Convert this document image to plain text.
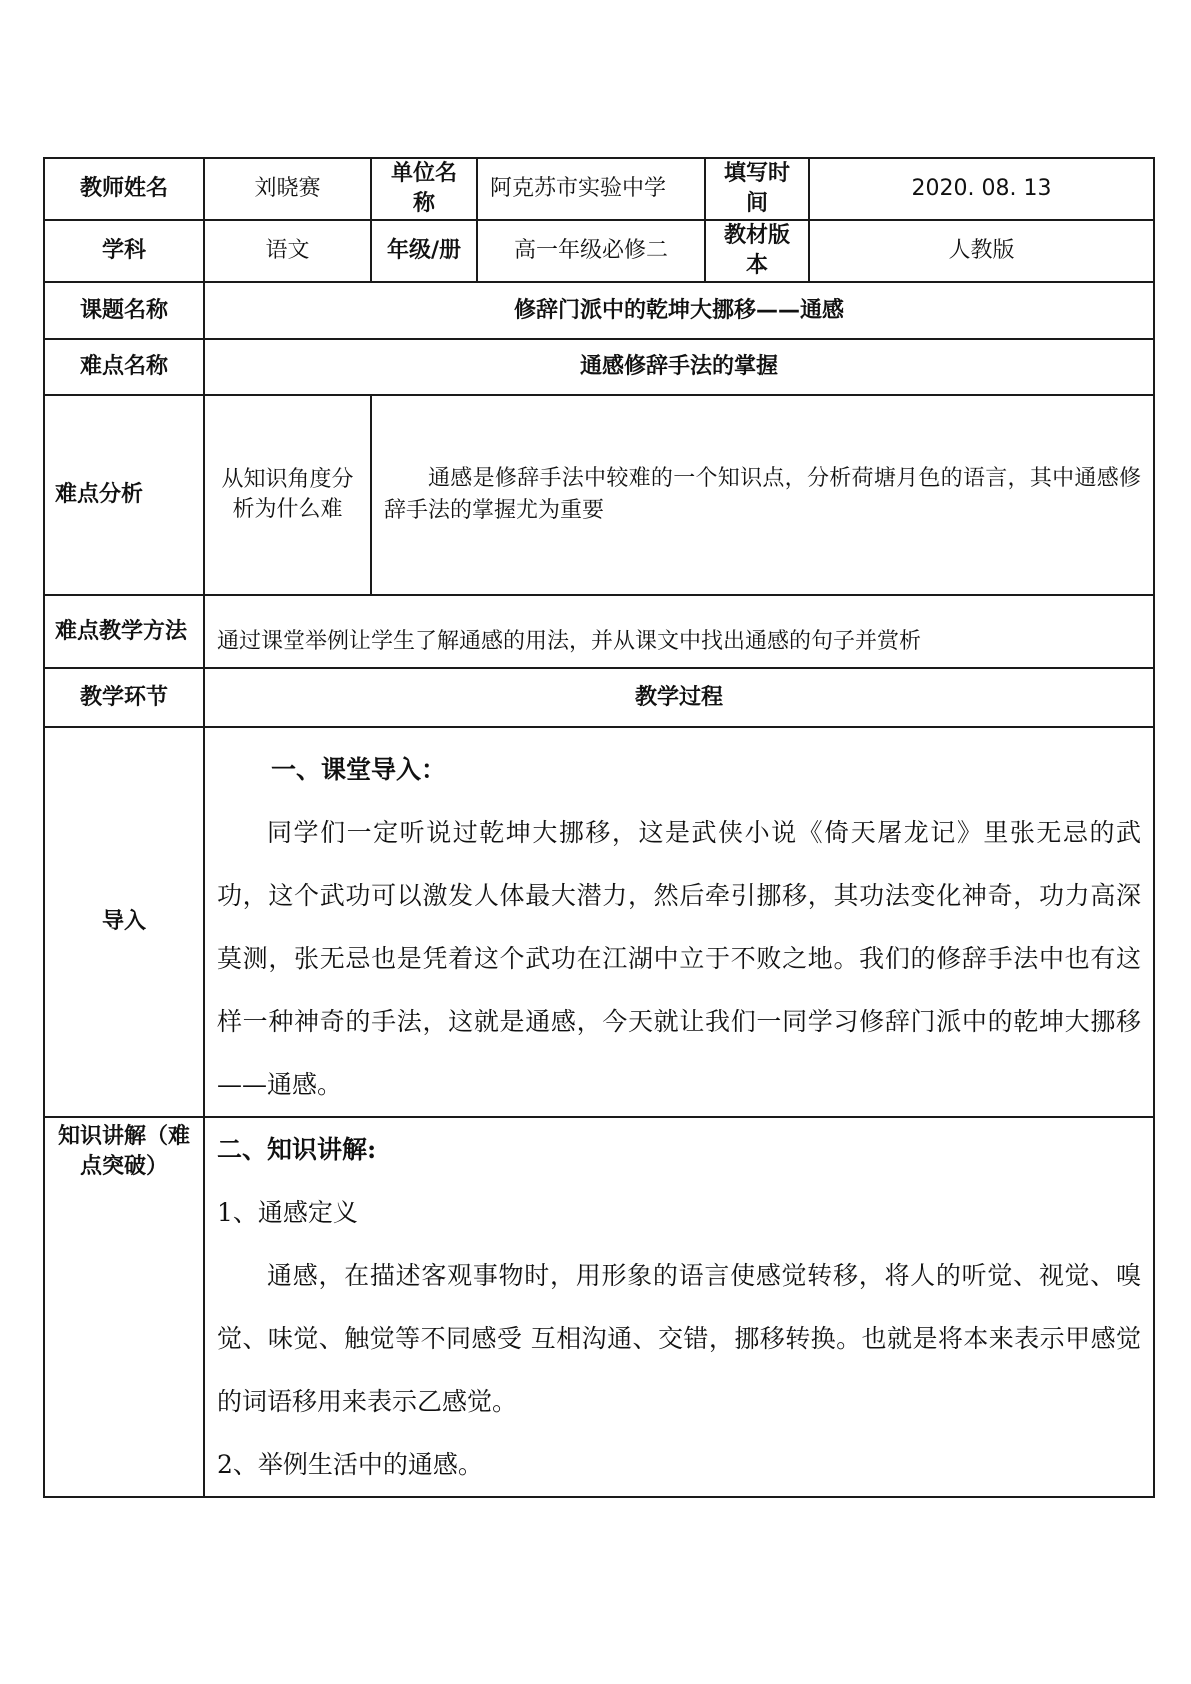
教师姓名	刘晓赛	单位名称	阿克苏市实验中学	填写时间	2020. 08. 13
学科	语文	年级/册	高一年级必修二	教材版本	人教版
课题名称	修辞门派中的乾坤大挪移——通感				
难点名称	通感修辞手法的掌握				
难点分析	从知识角度分析为什么难	通感是修辞手法中较难的一个知识点，分析荷塘月色的语言，其中通感修辞手法的掌握尤为重要			

难点教学方法	通过课堂举例让学生了解通感的用法，并从课文中找出通感的句子并赏析				
教学环节	教学过程				
导入	一、课堂导入：

同学们一定听说过乾坤大挪移，这是武侠小说《倚天屠龙记》里张无忌的武功，这个武功可以激发人体最大潜力，然后牵引挪移，其功法变化神奇，功力高深莫测，张无忌也是凭着这个武功在江湖中立于不败之地。我们的修辞手法中也有这样一种神奇的手法，这就是通感，今天就让我们一同学习修辞门派中的乾坤大挪移——通感。				

知识讲解（难点突破）	二、知识讲解:

1、通感定义

通感，在描述客观事物时，用形象的语言使感觉转移，将人的听觉、视觉、嗅觉、味觉、触觉等不同感受 互相沟通、交错，挪移转换。也就是将本来表示甲感觉的词语移用来表示乙感觉。

2、举例生活中的通感。				
